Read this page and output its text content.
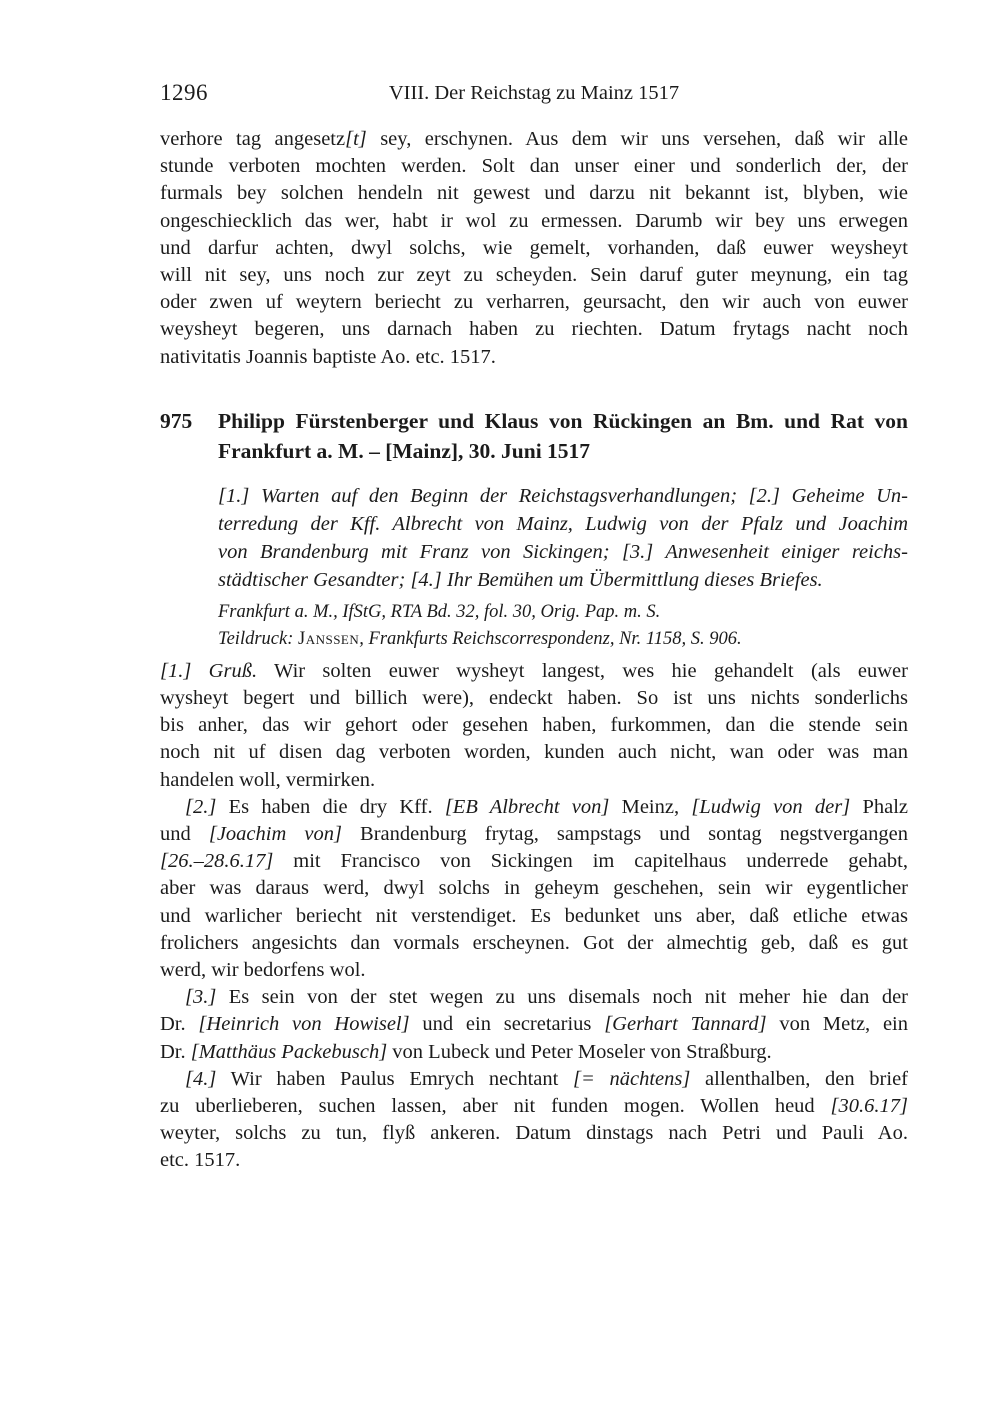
1296	VIII. Der Reichstag zu Mainz 1517
verhore tag angesetz[t] sey, erschynen. Aus dem wir uns versehen, daß wir alle
stunde verboten mochten werden. Solt dan unser einer und sonderlich der, der
furmals bey solchen hendeln nit gewest und darzu nit bekannt ist, blyben, wie
ongeschiecklich das wer, habt ir wol zu ermessen. Darumb wir bey uns erwegen
und darfur achten, dwyl solchs, wie gemelt, vorhanden, daß euwer weysheyt
will nit sey, uns noch zur zeyt zu scheyden. Sein daruf guter meynung, ein tag
oder zwen uf weytern beriecht zu verharren, geursacht, den wir auch von euwer
weysheyt begeren, uns darnach haben zu riechten. Datum frytags nacht noch
nativitatis Joannis baptiste Ao. etc. 1517.
975	Philipp Fürstenberger und Klaus von Rückingen an Bm. und Rat von
Frankfurt a. M. – [Mainz], 30. Juni 1517
[1.] Warten auf den Beginn der Reichstagsverhandlungen; [2.] Geheime Un-
terredung der Kff. Albrecht von Mainz, Ludwig von der Pfalz und Joachim
von Brandenburg mit Franz von Sickingen; [3.] Anwesenheit einiger reichs-
städtischer Gesandter; [4.] Ihr Bemühen um Übermittlung dieses Briefes.
Frankfurt a. M., IfStG, RTA Bd. 32, fol. 30, Orig. Pap. m. S.
Teildruck: Janssen, Frankfurts Reichscorrespondenz, Nr. 1158, S. 906.
[1.] Gruß. Wir solten euwer wysheyt langest, wes hie gehandelt (als euwer
wysheyt begert und billich were), endeckt haben. So ist uns nichts sonderlichs
bis anher, das wir gehort oder gesehen haben, furkommen, dan die stende sein
noch nit uf disen dag verboten worden, kunden auch nicht, wan oder was man
handelen woll, vermirken.
[2.] Es haben die dry Kff. [EB Albrecht von] Meinz, [Ludwig von der] Phalz
und [Joachim von] Brandenburg frytag, sampstags und sontag negstvergangen
[26.–28.6.17] mit Francisco von Sickingen im capitelhaus underrede gehabt,
aber was daraus werd, dwyl solchs in geheym geschehen, sein wir eygentlicher
und warlicher beriecht nit verstendiget. Es bedunket uns aber, daß etliche etwas
frolichers angesichts dan vormals erscheynen. Got der almechtig geb, daß es gut
werd, wir bedorfens wol.
[3.] Es sein von der stet wegen zu uns disemals noch nit meher hie dan der
Dr. [Heinrich von Howisel] und ein secretarius [Gerhart Tannard] von Metz, ein
Dr. [Matthäus Packebusch] von Lubeck und Peter Moseler von Straßburg.
[4.] Wir haben Paulus Emrych nechtant [= nächtens] allenthalben, den brief
zu uberlieberen, suchen lassen, aber nit funden mogen. Wollen heud [30.6.17]
weyter, solchs zu tun, flyß ankeren. Datum dinstags nach Petri und Pauli Ao.
etc. 1517.
